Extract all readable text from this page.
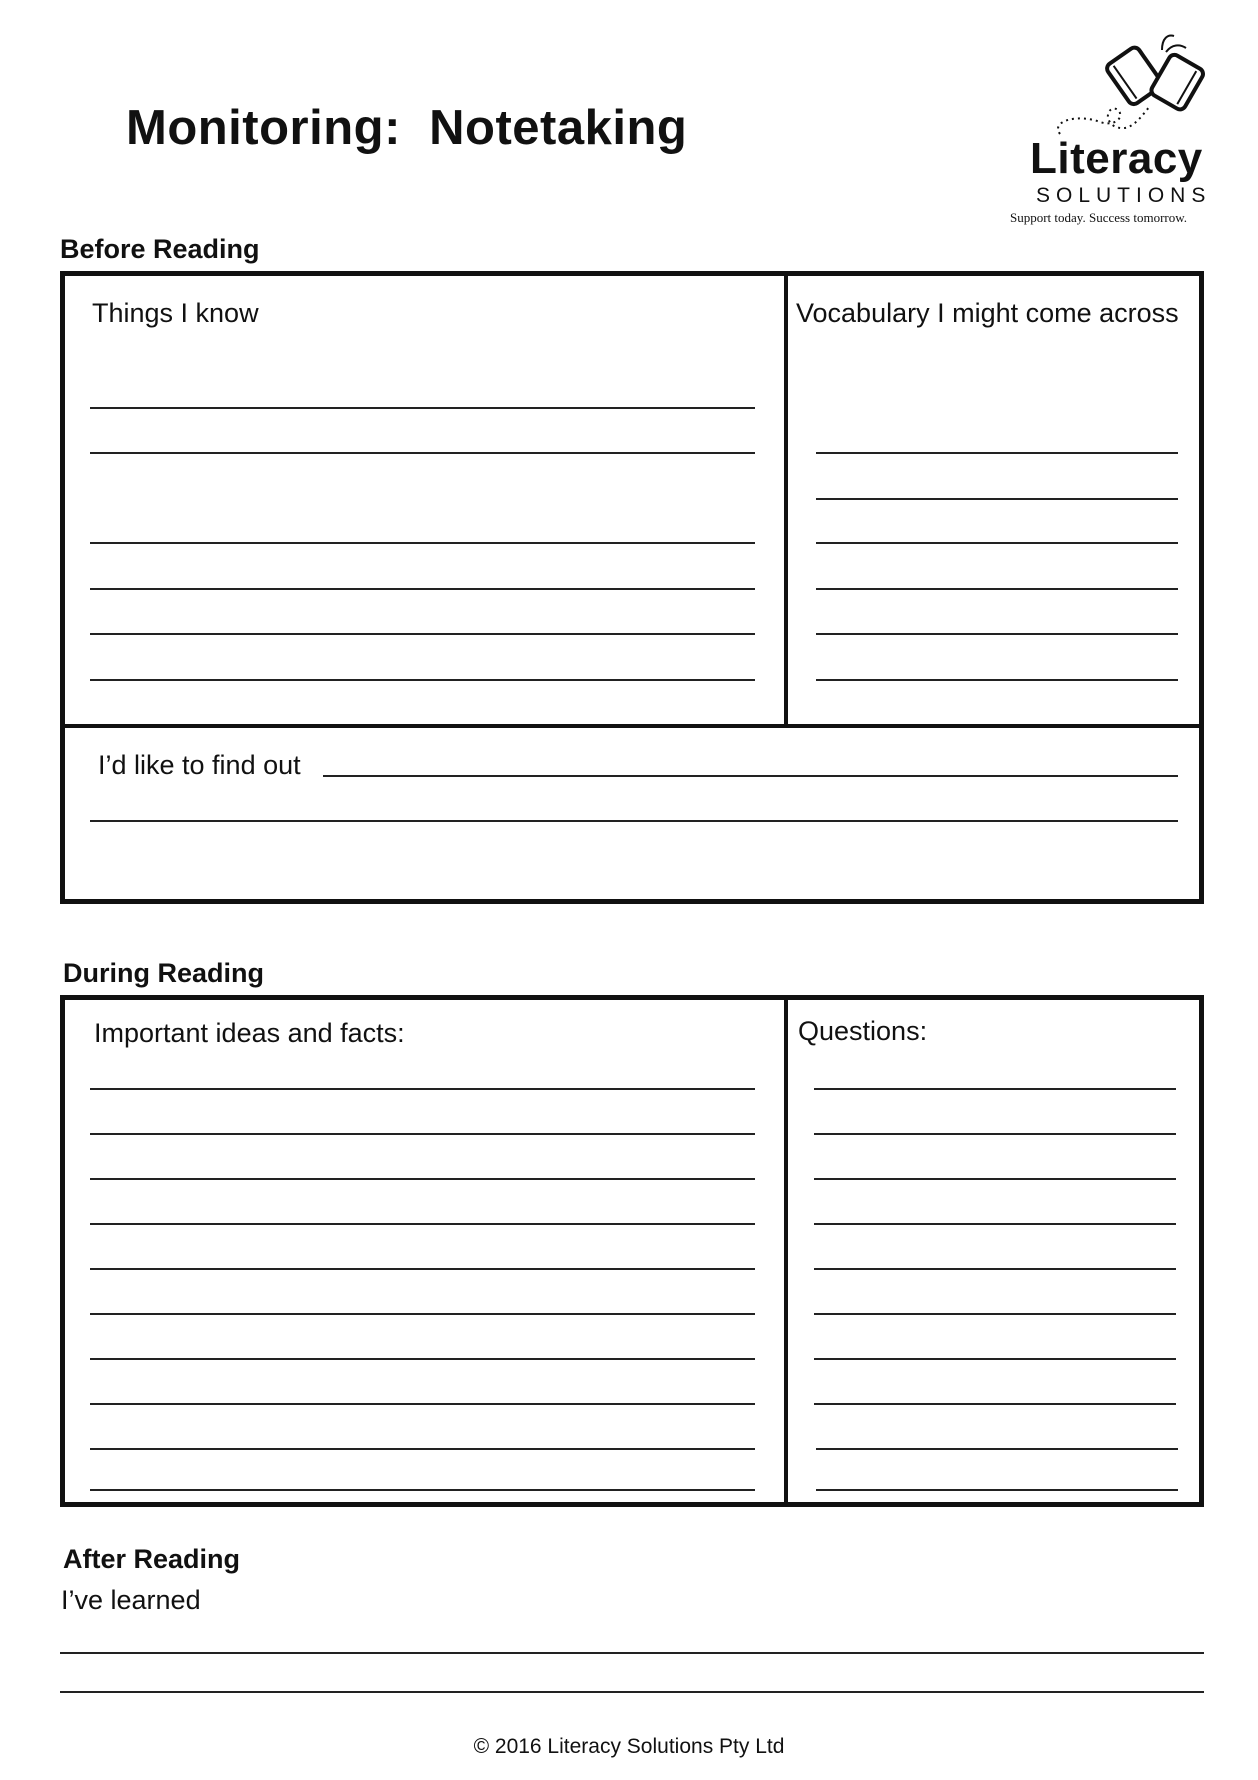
Monitoring:  Notetaking
Literacy
SOLUTIONS
Support today. Success tomorrow.
Before Reading
Things I know	Vocabulary I might come across
I’d like to find out
During Reading
Important ideas and facts:	Questions:
After Reading
I’ve learned
© 2016 Literacy Solutions Pty Ltd
